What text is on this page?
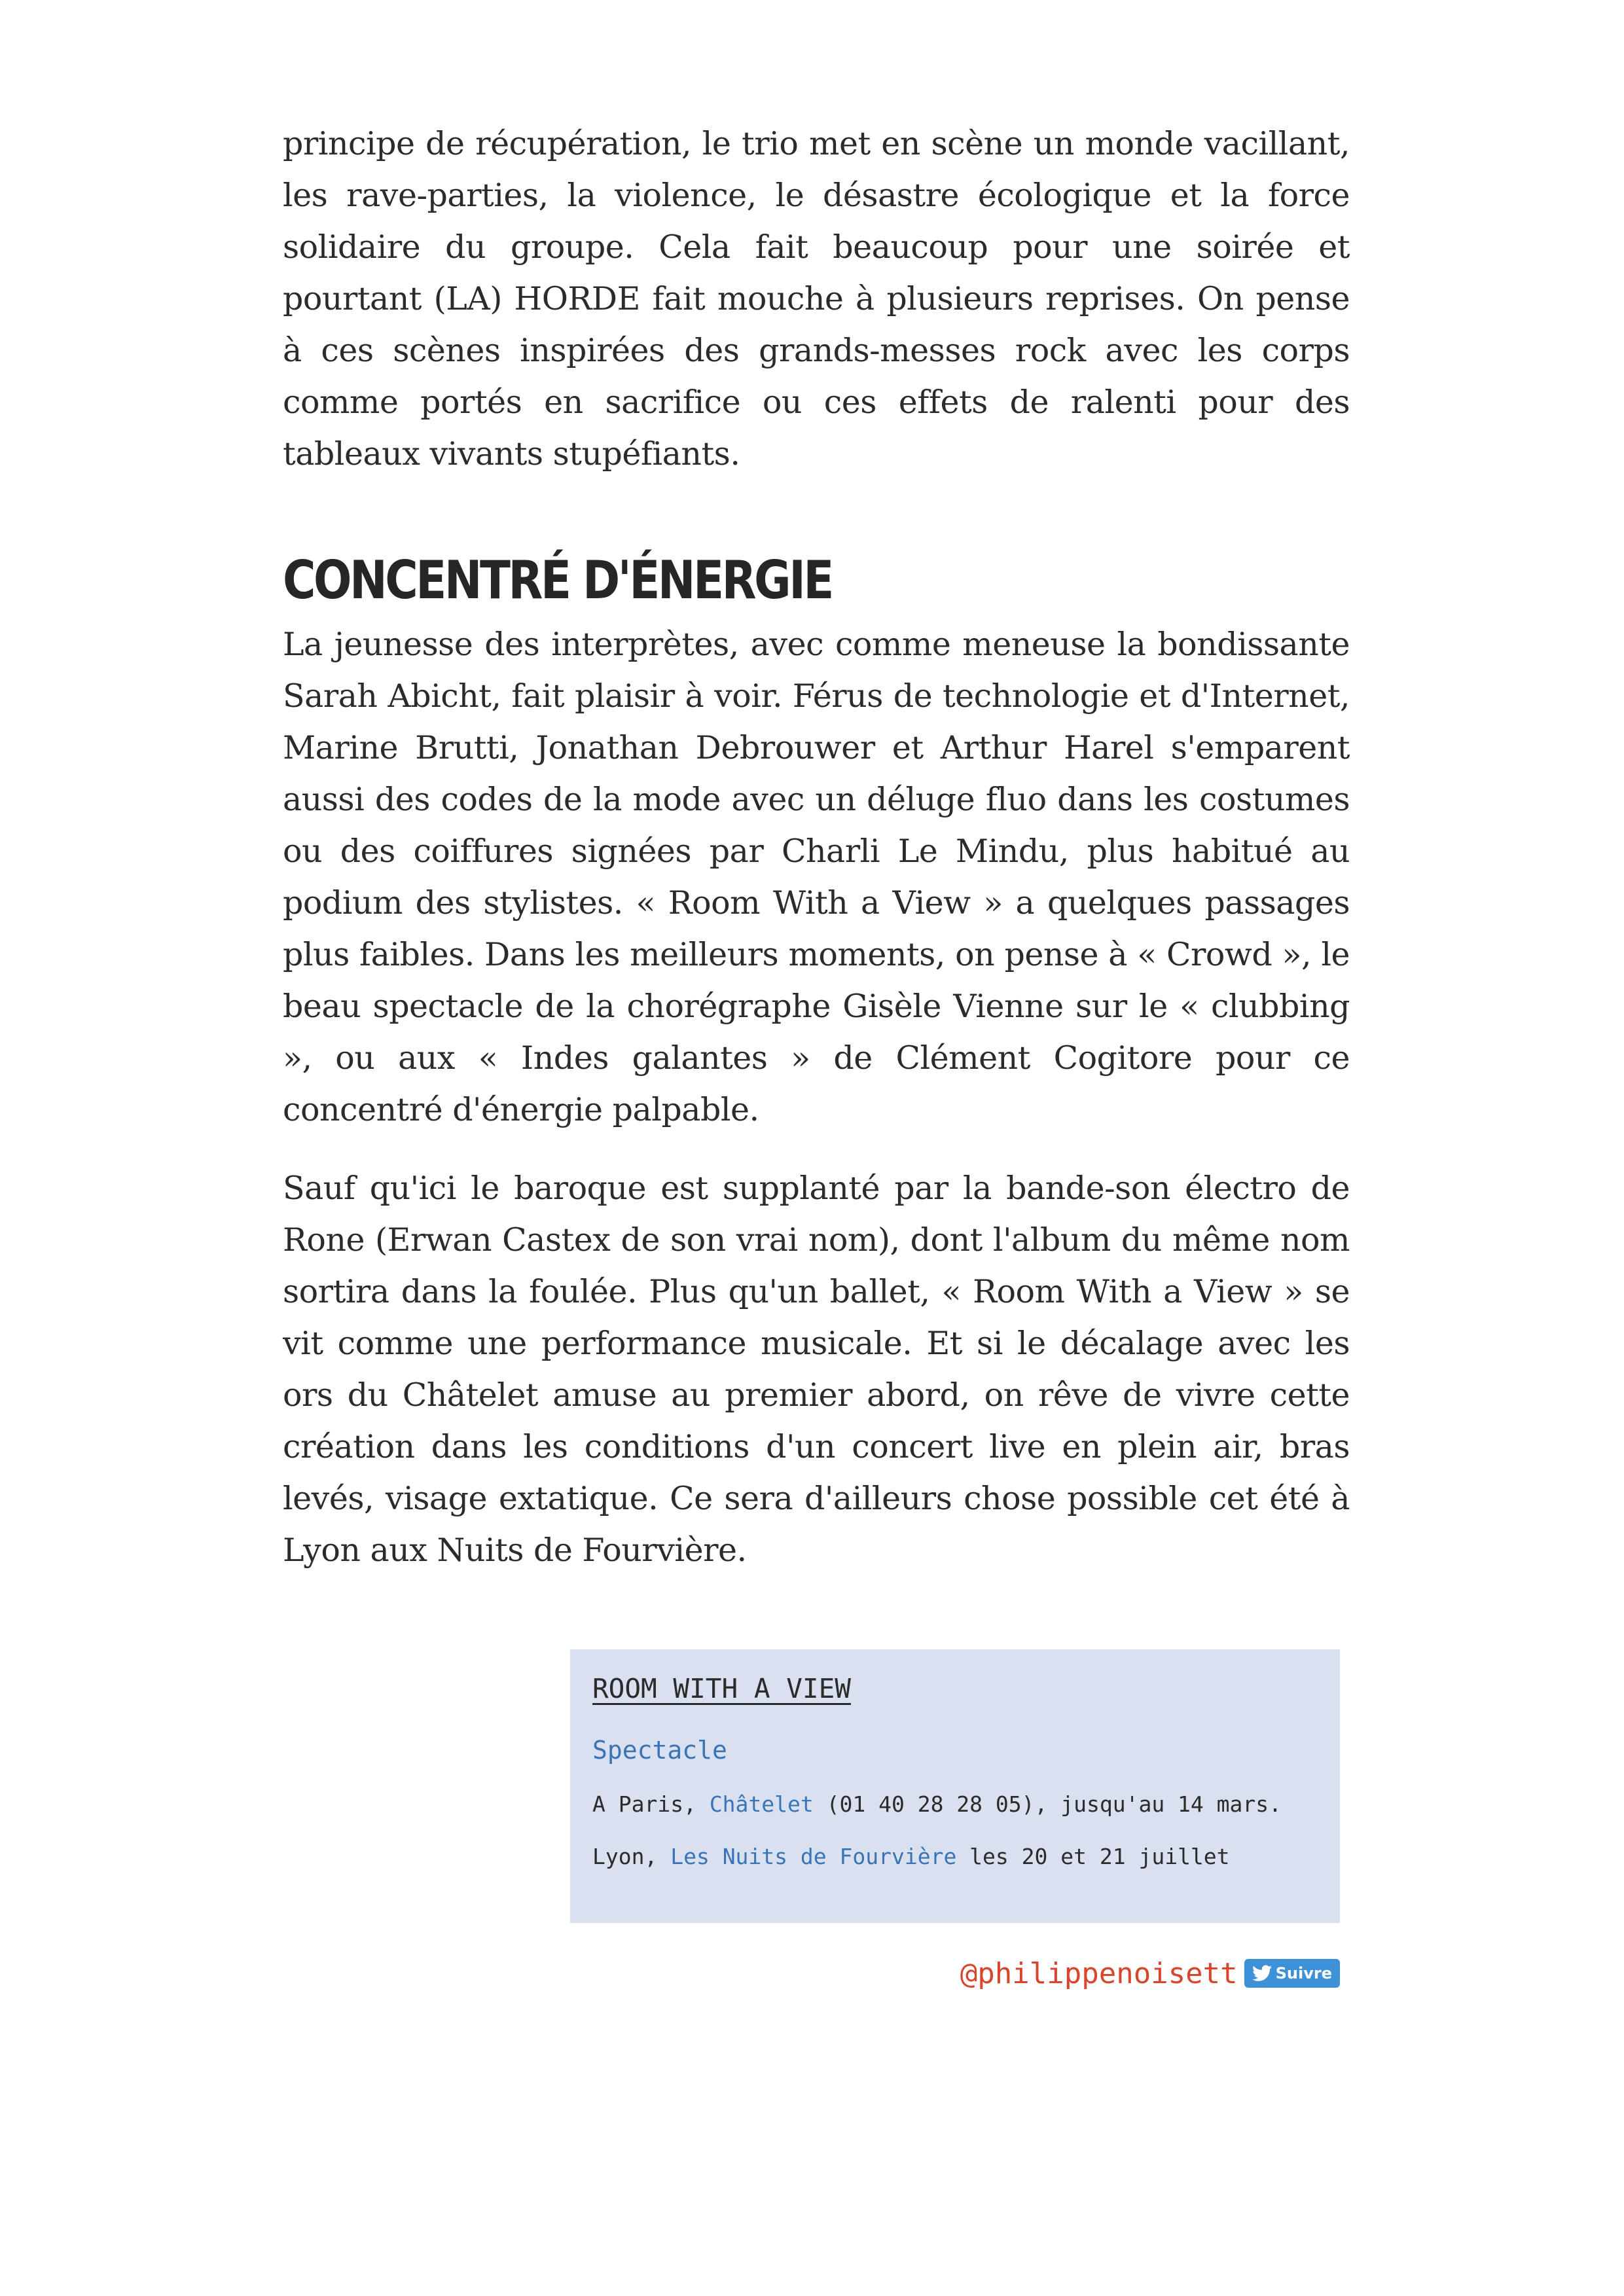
principe de récupération, le trio met en scène un monde vacillant, les rave-parties, la violence, le désastre écologique et la force solidaire du groupe. Cela fait beaucoup pour une soirée et pourtant (LA) HORDE fait mouche à plusieurs reprises. On pense à ces scènes inspirées des grands-messes rock avec les corps comme portés en sacrifice ou ces effets de ralenti pour des tableaux vivants stupéfiants.

CONCENTRÉ D'ÉNERGIE

La jeunesse des interprètes, avec comme meneuse la bondissante Sarah Abicht, fait plaisir à voir. Férus de technologie et d'Internet, Marine Brutti, Jonathan Debrouwer et Arthur Harel s'emparent aussi des codes de la mode avec un déluge fluo dans les costumes ou des coiffures signées par Charli Le Mindu, plus habitué au podium des stylistes. « Room With a View » a quelques passages plus faibles. Dans les meilleurs moments, on pense à « Crowd », le beau spectacle de la chorégraphe Gisèle Vienne sur le « clubbing », ou aux « Indes galantes » de Clément Cogitore pour ce concentré d'énergie palpable.

Sauf qu'ici le baroque est supplanté par la bande-son électro de Rone (Erwan Castex de son vrai nom), dont l'album du même nom sortira dans la foulée. Plus qu'un ballet, « Room With a View » se vit comme une performance musicale. Et si le décalage avec les ors du Châtelet amuse au premier abord, on rêve de vivre cette création dans les conditions d'un concert live en plein air, bras levés, visage extatique. Ce sera d'ailleurs chose possible cet été à Lyon aux Nuits de Fourvière.

ROOM WITH A VIEW

Spectacle

A Paris, Châtelet (01 40 28 28 05), jusqu'au 14 mars.

Lyon, Les Nuits de Fourvière les 20 et 21 juillet

@philippenoisett Suivre
